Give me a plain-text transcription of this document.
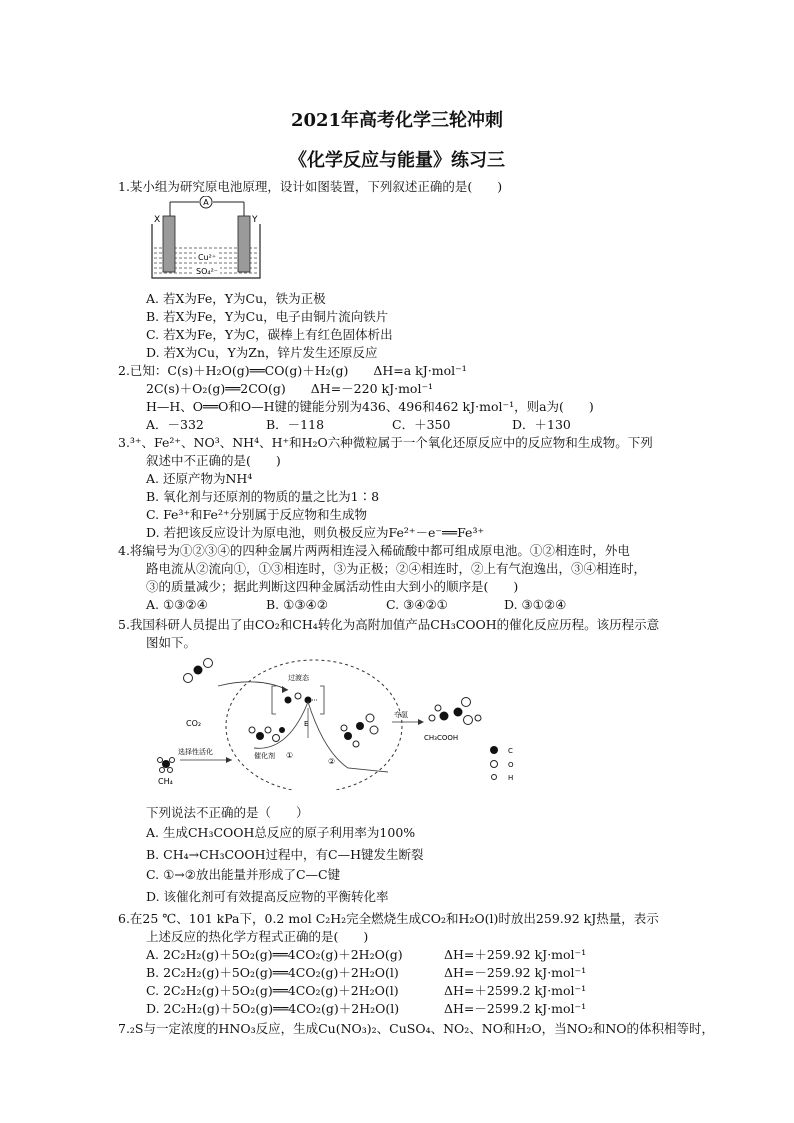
2021年高考化学三轮冲刺
《化学反应与能量》练习三
1.某小组为研究原电池原理，设计如图装置，下列叙述正确的是(　　)
A
X	Y
Cu²⁺
SO₄²⁻
A. 若X为Fe，Y为Cu，铁为正极
B. 若X为Fe，Y为Cu，电子由铜片流向铁片
C. 若X为Fe，Y为C，碳棒上有红色固体析出
D. 若X为Cu，Y为Zn，锌片发生还原反应
2.已知：C(s)＋H₂O(g)══CO(g)＋H₂(g)　　ΔH=a kJ·mol⁻¹
2C(s)＋O₂(g)══2CO(g)　　ΔH=－220 kJ·mol⁻¹
H—H、O══O和O—H键的键能分别为436、496和462 kJ·mol⁻¹，则a为(　　)
A．－332	B．－118	C．＋350	D．＋130
3.³⁺、Fe²⁺、NO³、NH⁴、H⁺和H₂O六种微粒属于一个氧化还原反应中的反应物和生成物。下列
叙述中不正确的是(　　)
A. 还原产物为NH⁴
B. 氧化剂与还原剂的物质的量之比为1∶8
C. Fe³⁺和Fe²⁺分别属于反应物和生成物
D. 若把该反应设计为原电池，则负极反应为Fe²⁺－e⁻══Fe³⁺
4.将编号为①②③④的四种金属片两两相连浸入稀硫酸中都可组成原电池。①②相连时，外电
路电流从②流向①，①③相连时，③为正极；②④相连时，②上有气泡逸出，③④相连时，
③的质量减少；据此判断这四种金属活动性由大到小的顺序是(　　)
A. ①③②④	B. ①③④②	C. ③④②①	D. ③①②④
5.我国科研人员提出了由CO₂和CH₄转化为高附加值产品CH₃COOH的催化反应历程。该历程示意
图如下。
CO₂
CH₄
选择性活化
过渡态
E
催化剂 ①
②
夺氢
CH₃COOH
C
O
H
下列说法不正确的是（　　）
A. 生成CH₃COOH总反应的原子利用率为100%
B. CH₄→CH₃COOH过程中，有C—H键发生断裂
C. ①→②放出能量并形成了C—C键
D. 该催化剂可有效提高反应物的平衡转化率
6.在25 ℃、101 kPa下，0.2 mol C₂H₂完全燃烧生成CO₂和H₂O(l)时放出259.92 kJ热量，表示
上述反应的热化学方程式正确的是(　　)
A. 2C₂H₂(g)＋5O₂(g)══4CO₂(g)＋2H₂O(g)	ΔH=＋259.92 kJ·mol⁻¹
B. 2C₂H₂(g)＋5O₂(g)══4CO₂(g)＋2H₂O(l)	ΔH=－259.92 kJ·mol⁻¹
C. 2C₂H₂(g)＋5O₂(g)══4CO₂(g)＋2H₂O(l)	ΔH=＋2599.2 kJ·mol⁻¹
D. 2C₂H₂(g)＋5O₂(g)══4CO₂(g)＋2H₂O(l)	ΔH=－2599.2 kJ·mol⁻¹
7.₂S与一定浓度的HNO₃反应，生成Cu(NO₃)₂、CuSO₄、NO₂、NO和H₂O，当NO₂和NO的体积相等时，
